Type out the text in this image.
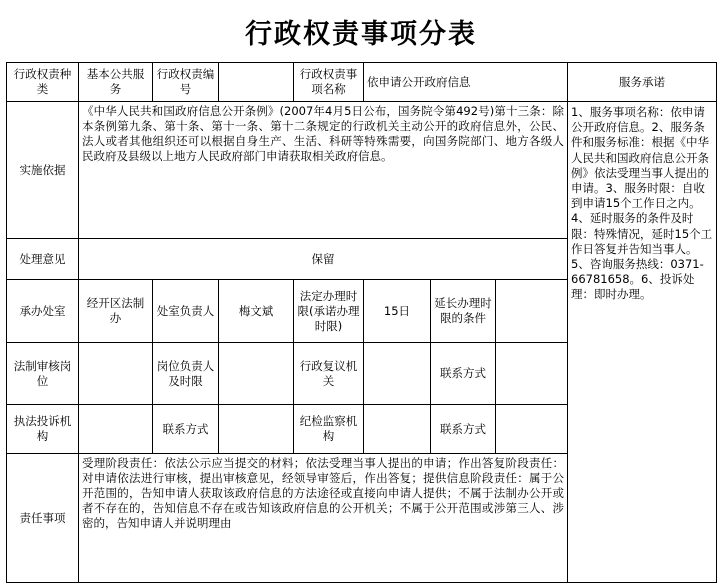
行政权责事项分表
行政权责种类	基本公共服务	行政权责编号		行政权责事项名称	依申请公开政府信息			服务承诺
实施依据	《中华人民共和国政府信息公开条例》(2007年4月5日公布，国务院令第492号)第十三条：除本条例第九条、第十条、第十一条、第十二条规定的行政机关主动公开的政府信息外，公民、法人或者其他组织还可以根据自身生产、生活、科研等特殊需要，向国务院部门、地方各级人民政府及县级以上地方人民政府部门申请获取相关政府信息。							1、服务事项名称：依申请公开政府信息。2、服务条件和服务标准：根据《中华人民共和国政府信息公开条例》依法受理当事人提出的申请。3、服务时限：自收到申请15个工作日之内。 4、延时服务的条件及时限：特殊情况，延时15个工作日答复并告知当事人。5、咨询服务热线：0371-66781658。6、投诉处理：即时办理。
处理意见	保留							
承办处室	经开区法制办	处室负责人	梅文斌	法定办理时限(承诺办理时限)	15日	延长办理时限的条件		
法制审核岗位		岗位负责人及时限		行政复议机关		联系方式		
执法投诉机构		联系方式		纪检监察机构		联系方式		
责任事项	受理阶段责任：依法公示应当提交的材料；依法受理当事人提出的申请；作出答复阶段责任：对申请依法进行审核，提出审核意见，经领导审签后，作出答复；提供信息阶段责任：属于公开范围的，告知申请人获取该政府信息的方法途径或直接向申请人提供；不属于法制办公开或者不存在的，告知信息不存在或告知该政府信息的公开机关；不属于公开范围或涉第三人、涉密的，告知申请人并说明理由							
